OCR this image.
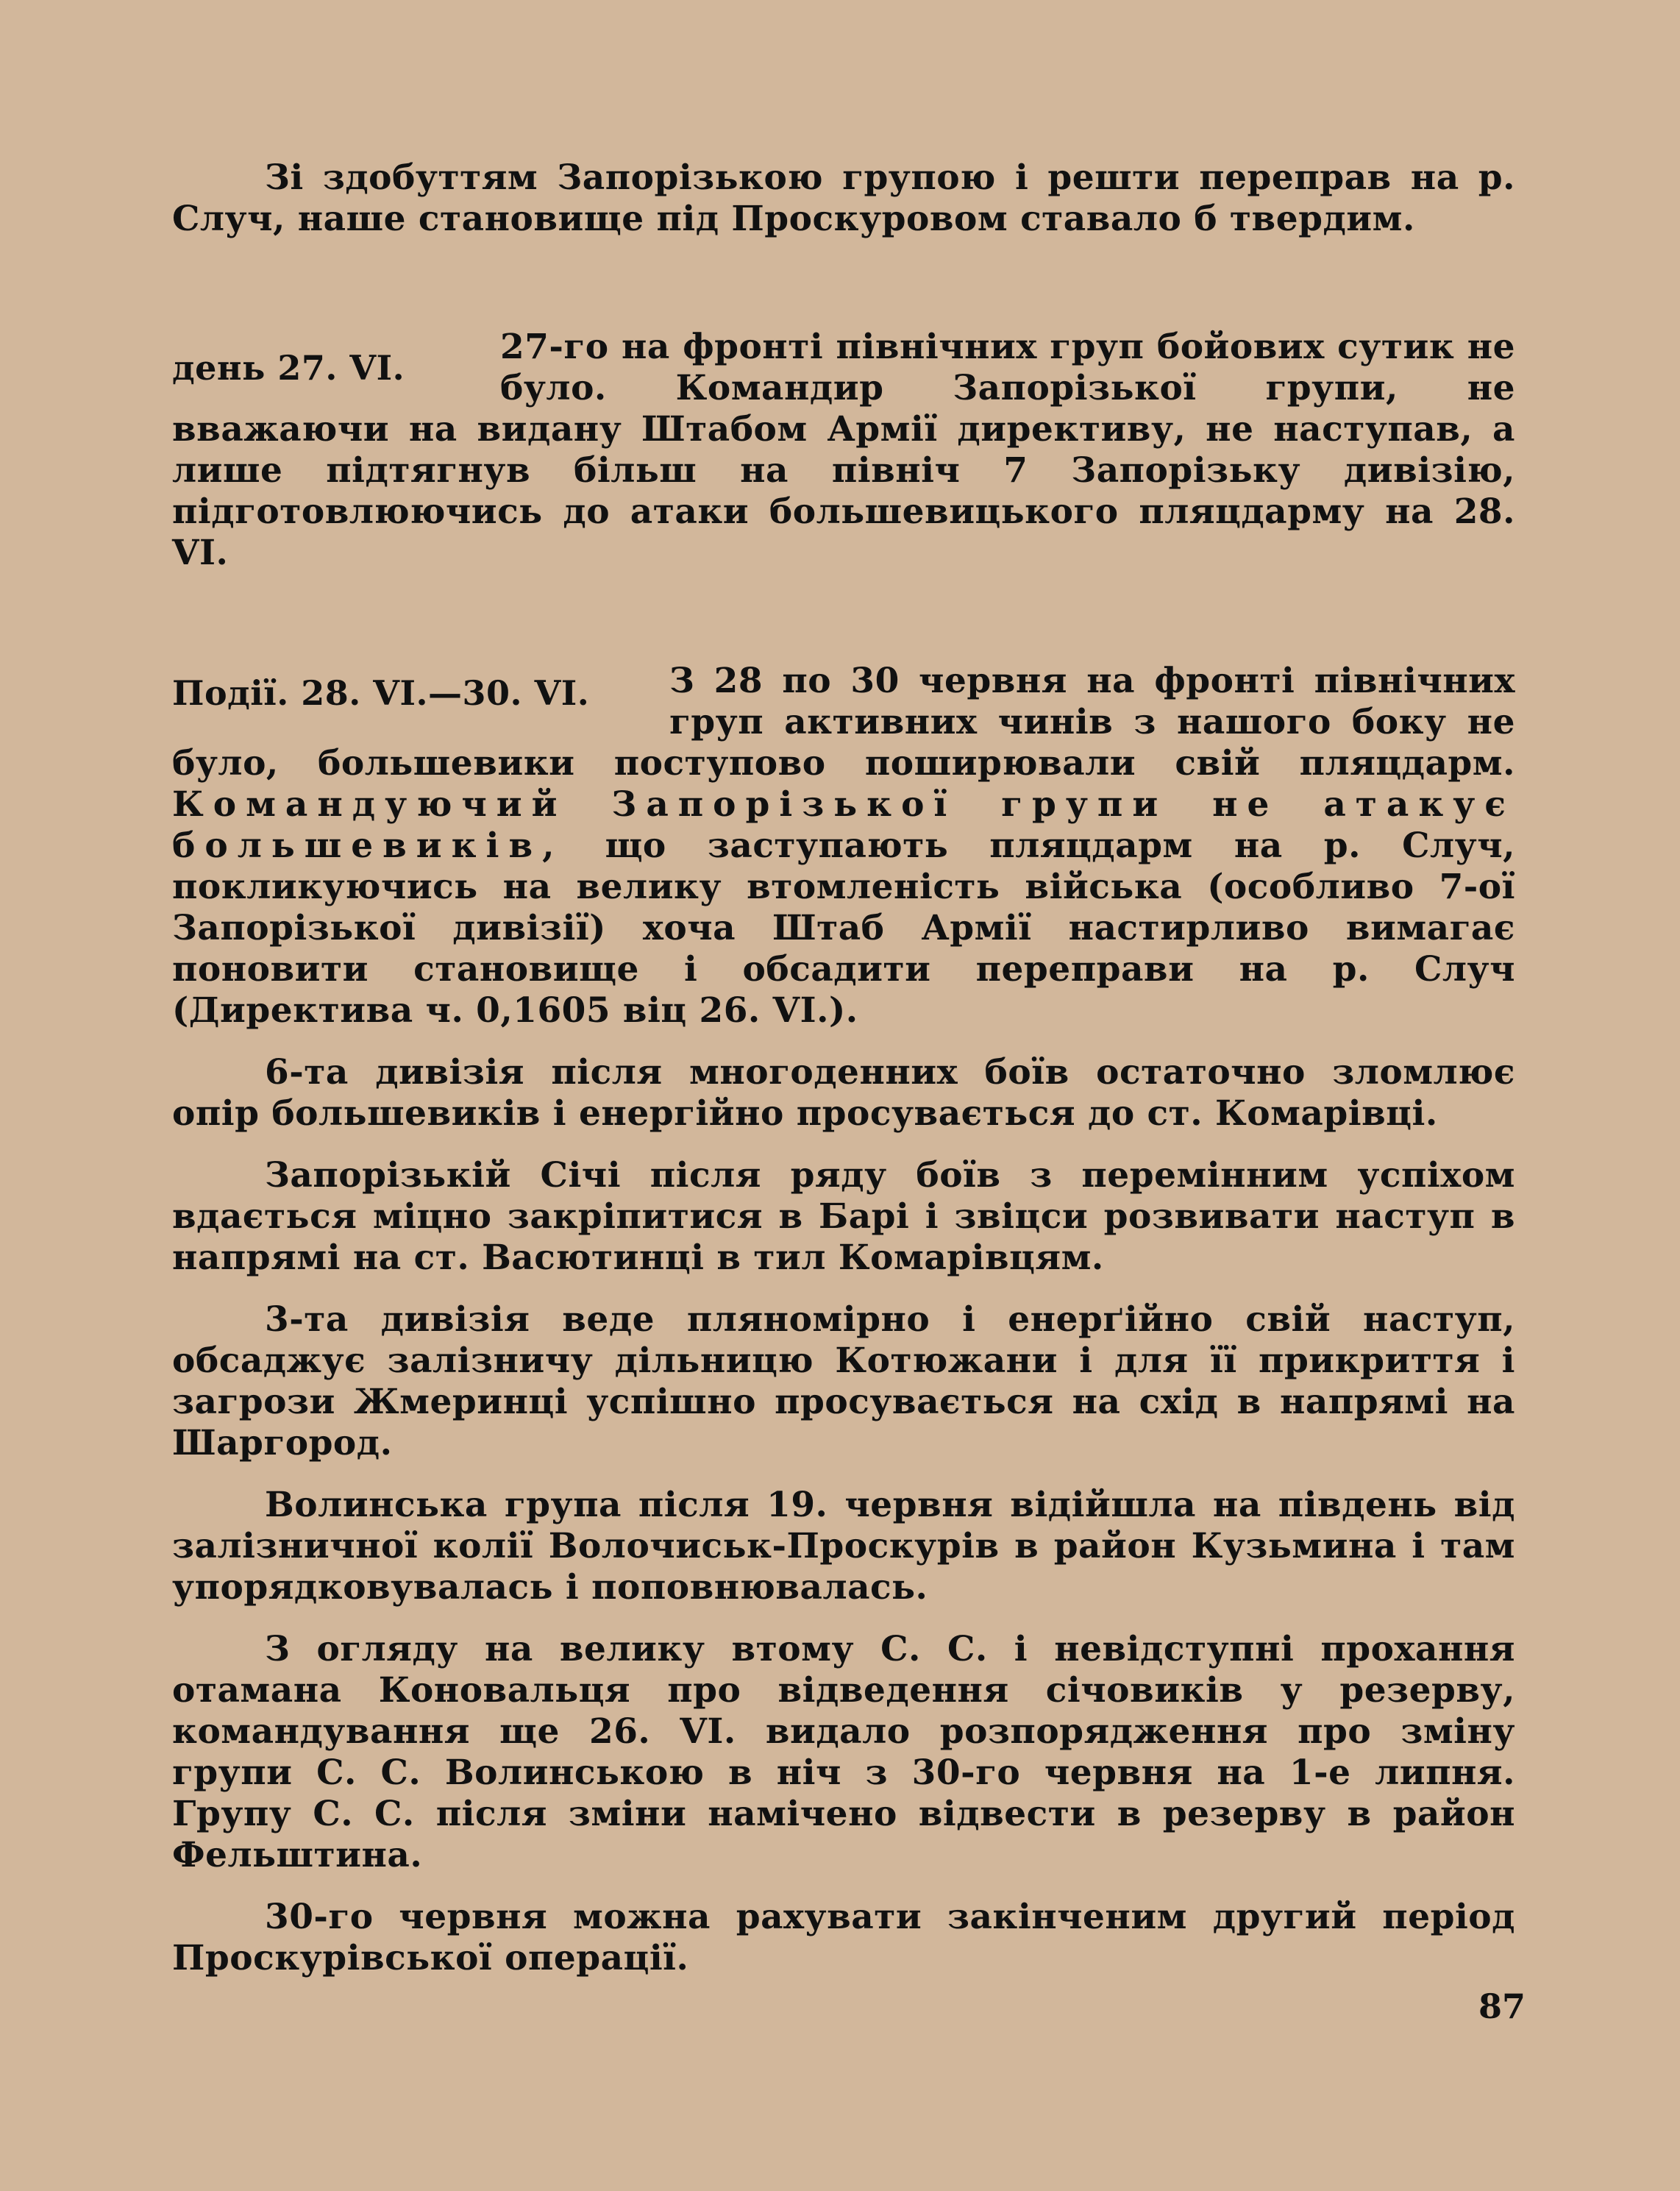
Зі здобуттям Запорізькою групою і решти переправ на р. Случ, наше становище під Проскуровом ставало б твердим.

день 27. VI.

27-го на фронті північних груп бойових сутик не було. Командир Запорізької групи, не вважаючи на видану Штабом Армії директиву, не наступав, а лише підтягнув більш на північ 7 Запорізьку дивізію, підготовлюючись до атаки большевицького пляцдарму на 28. VI.

Події. 28. VI.—30. VI.	З 28 по 30 червня на фронті північних груп активних чинів з нашого боку не було, большевики поступово поширювали свій пляцдарм. Командуючий Запорізької групи не атакує большевиків, що заступають пляцдарм на р. Случ, покликуючись на велику втомленість війська (особливо 7-ої Запорізької дивізії) хоча Штаб Армії настирливо вимагає поновити становище і обсадити переправи на р. Случ (Директива ч. 0,1605 віц 26. VI.).

6-та дивізія після многоденних боїв остаточно зломлює опір большевиків і енергійно просувається до ст. Комарівці.

Запорізькій Січі після ряду боїв з перемінним успіхом вдається міцно закріпитися в Барі і звіцси розвивати наступ в напрямі на ст. Васютинці в тил Комарівцям.

3-та дивізія веде пляномірно і енерґійно свій наступ, обсаджує залізничу дільницю Котюжани і для її прикриття і загрози Жмеринці успішно просувається на схід в напрямі на Шаргород.

Волинська група після 19. червня відійшла на південь від залізничної колії Волочиськ-Проскурів в район Кузьмина і там упорядковувалась і поповнювалась.

З огляду на велику втому С. С. і невідступні прохання отамана Коновальця про відведення січовиків у резерву, командування ще 26. VI. видало розпорядження про зміну групи С. С. Волинською в ніч з 30-го червня на 1-е липня. Групу С. С. після зміни намічено відвести в резерву в район Фельштина.

30-го червня можна рахувати закінченим другий період Проскурівської операції.

87
